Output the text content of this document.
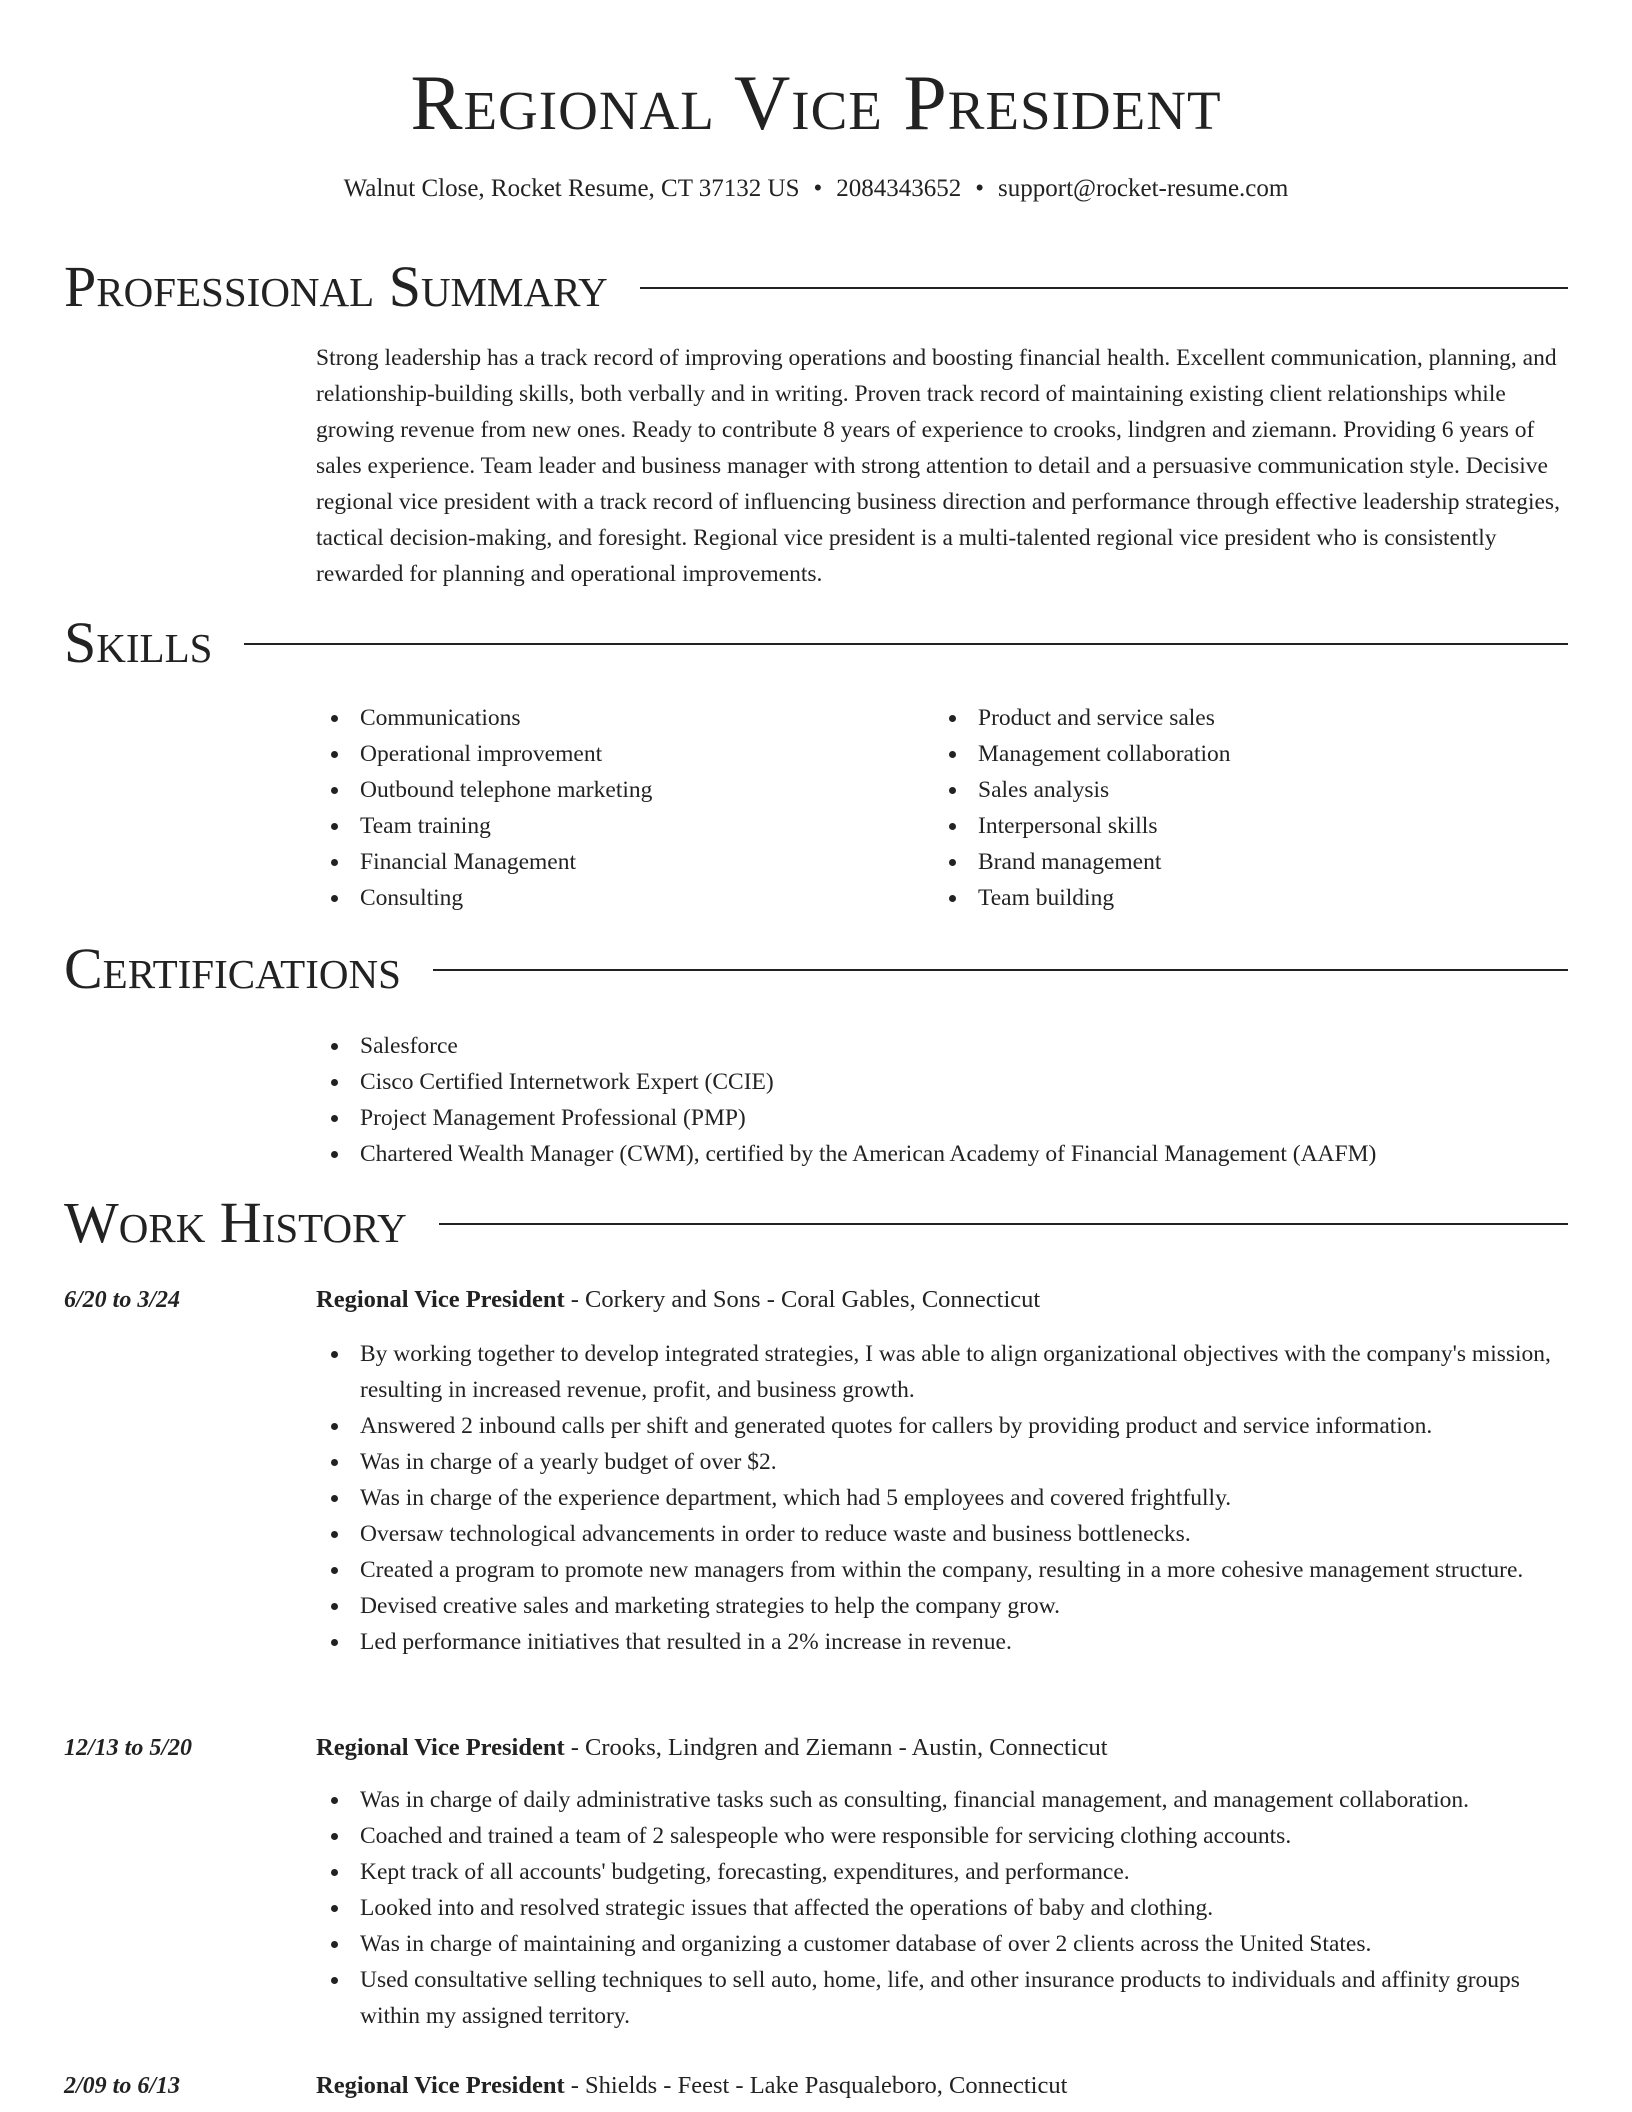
Regional Vice President
Walnut Close, Rocket Resume, CT 37132 US • 2084343652 • support@rocket-resume.com
Professional Summary
Strong leadership has a track record of improving operations and boosting financial health. Excellent communication, planning, and relationship-building skills, both verbally and in writing. Proven track record of maintaining existing client relationships while growing revenue from new ones. Ready to contribute 8 years of experience to crooks, lindgren and ziemann. Providing 6 years of sales experience. Team leader and business manager with strong attention to detail and a persuasive communication style. Decisive regional vice president with a track record of influencing business direction and performance through effective leadership strategies, tactical decision-making, and foresight. Regional vice president is a multi-talented regional vice president who is consistently rewarded for planning and operational improvements.
Skills
Communications
Operational improvement
Outbound telephone marketing
Team training
Financial Management
Consulting
Product and service sales
Management collaboration
Sales analysis
Interpersonal skills
Brand management
Team building
Certifications
Salesforce
Cisco Certified Internetwork Expert (CCIE)
Project Management Professional (PMP)
Chartered Wealth Manager (CWM), certified by the American Academy of Financial Management (AAFM)
Work History
6/20 to 3/24	Regional Vice President - Corkery and Sons - Coral Gables, Connecticut
By working together to develop integrated strategies, I was able to align organizational objectives with the company's mission, resulting in increased revenue, profit, and business growth.
Answered 2 inbound calls per shift and generated quotes for callers by providing product and service information.
Was in charge of a yearly budget of over $2.
Was in charge of the experience department, which had 5 employees and covered frightfully.
Oversaw technological advancements in order to reduce waste and business bottlenecks.
Created a program to promote new managers from within the company, resulting in a more cohesive management structure.
Devised creative sales and marketing strategies to help the company grow.
Led performance initiatives that resulted in a 2% increase in revenue.
12/13 to 5/20	Regional Vice President - Crooks, Lindgren and Ziemann - Austin, Connecticut
Was in charge of daily administrative tasks such as consulting, financial management, and management collaboration.
Coached and trained a team of 2 salespeople who were responsible for servicing clothing accounts.
Kept track of all accounts' budgeting, forecasting, expenditures, and performance.
Looked into and resolved strategic issues that affected the operations of baby and clothing.
Was in charge of maintaining and organizing a customer database of over 2 clients across the United States.
Used consultative selling techniques to sell auto, home, life, and other insurance products to individuals and affinity groups within my assigned territory.
2/09 to 6/13	Regional Vice President - Shields - Feest - Lake Pasqualeboro, Connecticut
